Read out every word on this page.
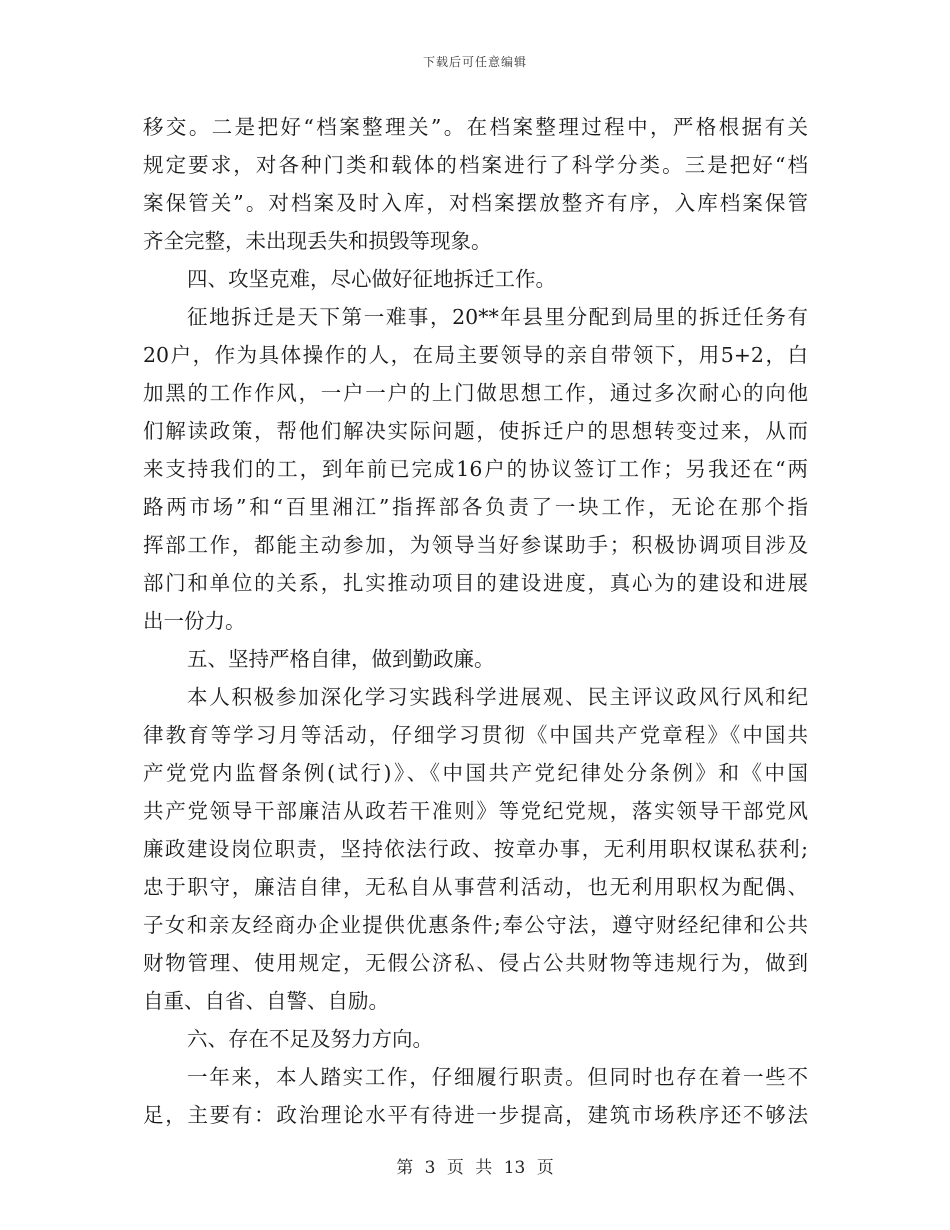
下载后可任意编辑
移交。二是把好“档案整理关”。在档案整理过程中，严格根据有关
规定要求，对各种门类和载体的档案进行了科学分类。三是把好“档
案保管关”。对档案及时入库，对档案摆放整齐有序，入库档案保管
齐全完整，未出现丢失和损毁等现象。
四、攻坚克难，尽心做好征地拆迁工作。
征地拆迁是天下第一难事，20**年县里分配到局里的拆迁任务有
20户，作为具体操作的人，在局主要领导的亲自带领下，用5+2，白
加黑的工作作风，一户一户的上门做思想工作，通过多次耐心的向他
们解读政策，帮他们解决实际问题，使拆迁户的思想转变过来，从而
来支持我们的工，到年前已完成16户的协议签订工作；另我还在“两
路两市场”和“百里湘江”指挥部各负责了一块工作，无论在那个指
挥部工作，都能主动参加，为领导当好参谋助手；积极协调项目涉及
部门和单位的关系，扎实推动项目的建设进度，真心为的建设和进展
出一份力。
五、坚持严格自律，做到勤政廉。
本人积极参加深化学习实践科学进展观、民主评议政风行风和纪
律教育等学习月等活动，仔细学习贯彻《中国共产党章程》《中国共
产党党内监督条例(试行)》、《中国共产党纪律处分条例》和《中国
共产党领导干部廉洁从政若干准则》等党纪党规，落实领导干部党风
廉政建设岗位职责，坚持依法行政、按章办事，无利用职权谋私获利;
忠于职守，廉洁自律，无私自从事营利活动，也无利用职权为配偶、
子女和亲友经商办企业提供优惠条件;奉公守法，遵守财经纪律和公共
财物管理、使用规定，无假公济私、侵占公共财物等违规行为，做到
自重、自省、自警、自励。
六、存在不足及努力方向。
一年来，本人踏实工作，仔细履行职责。但同时也存在着一些不
足，主要有：政治理论水平有待进一步提高，建筑市场秩序还不够法
第 3 页 共 13 页
